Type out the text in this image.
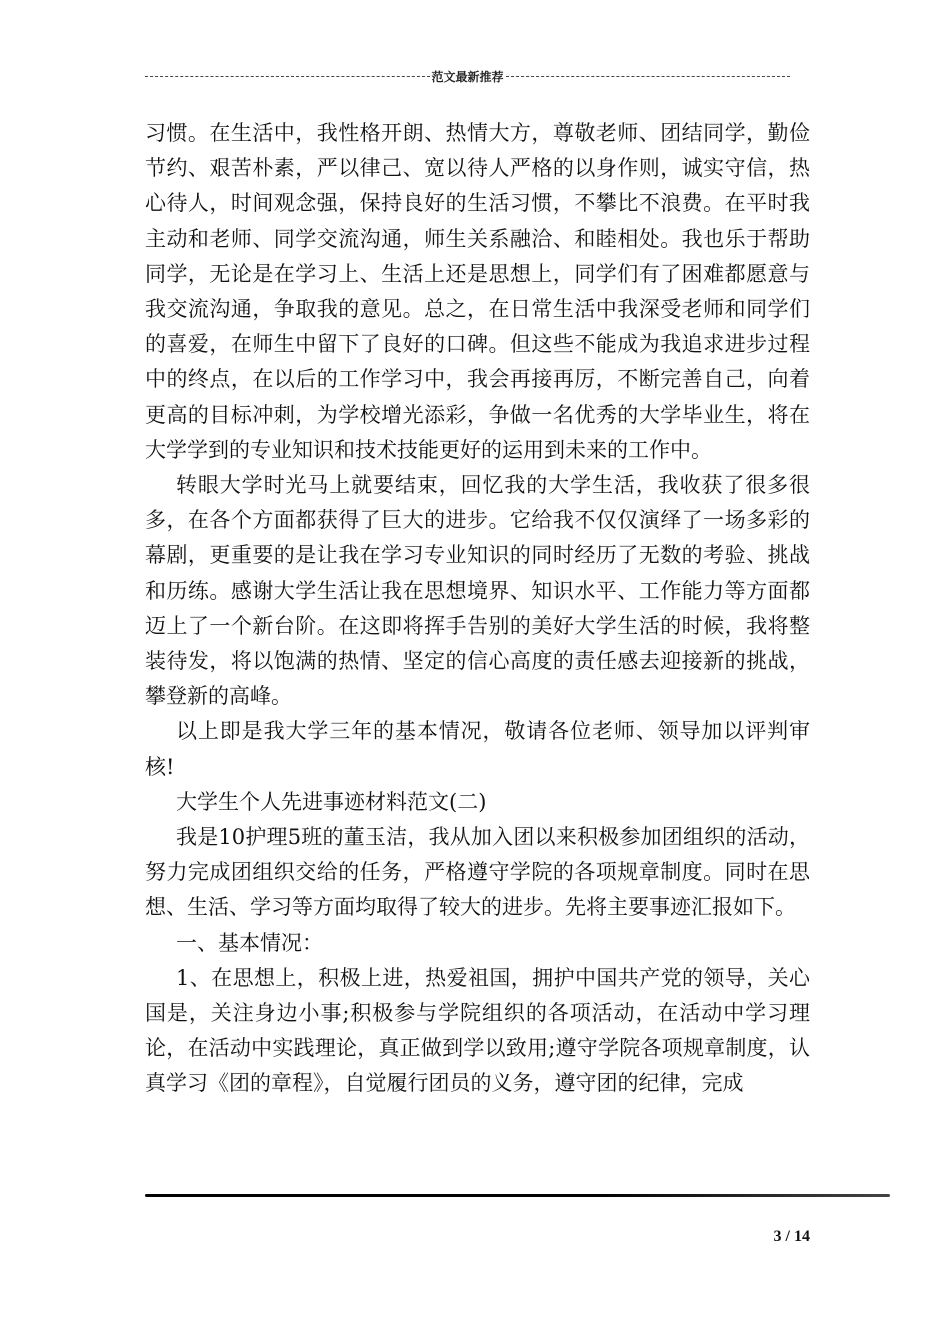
范文最新推荐

习惯。在生活中，我性格开朗、热情大方，尊敬老师、团结同学，勤俭节约、艰苦朴素，严以律己、宽以待人严格的以身作则，诚实守信，热心待人，时间观念强，保持良好的生活习惯，不攀比不浪费。在平时我主动和老师、同学交流沟通，师生关系融洽、和睦相处。我也乐于帮助同学，无论是在学习上、生活上还是思想上，同学们有了困难都愿意与我交流沟通，争取我的意见。总之，在日常生活中我深受老师和同学们的喜爱，在师生中留下了良好的口碑。但这些不能成为我追求进步过程中的终点，在以后的工作学习中，我会再接再厉，不断完善自己，向着更高的目标冲刺，为学校增光添彩，争做一名优秀的大学毕业生，将在大学学到的专业知识和技术技能更好的运用到未来的工作中。

转眼大学时光马上就要结束，回忆我的大学生活，我收获了很多很多，在各个方面都获得了巨大的进步。它给我不仅仅演绎了一场多彩的幕剧，更重要的是让我在学习专业知识的同时经历了无数的考验、挑战和历练。感谢大学生活让我在思想境界、知识水平、工作能力等方面都迈上了一个新台阶。在这即将挥手告别的美好大学生活的时候，我将整装待发，将以饱满的热情、坚定的信心高度的责任感去迎接新的挑战，攀登新的高峰。

以上即是我大学三年的基本情况，敬请各位老师、领导加以评判审核!

大学生个人先进事迹材料范文(二)

我是10护理5班的董玉洁，我从加入团以来积极参加团组织的活动，努力完成团组织交给的任务，严格遵守学院的各项规章制度。同时在思想、生活、学习等方面均取得了较大的进步。先将主要事迹汇报如下。

一、基本情况：

1、在思想上，积极上进，热爱祖国，拥护中国共产党的领导，关心国是，关注身边小事;积极参与学院组织的各项活动，在活动中学习理论，在活动中实践理论，真正做到学以致用;遵守学院各项规章制度，认真学习《团的章程》，自觉履行团员的义务，遵守团的纪律，完成

3 / 14
